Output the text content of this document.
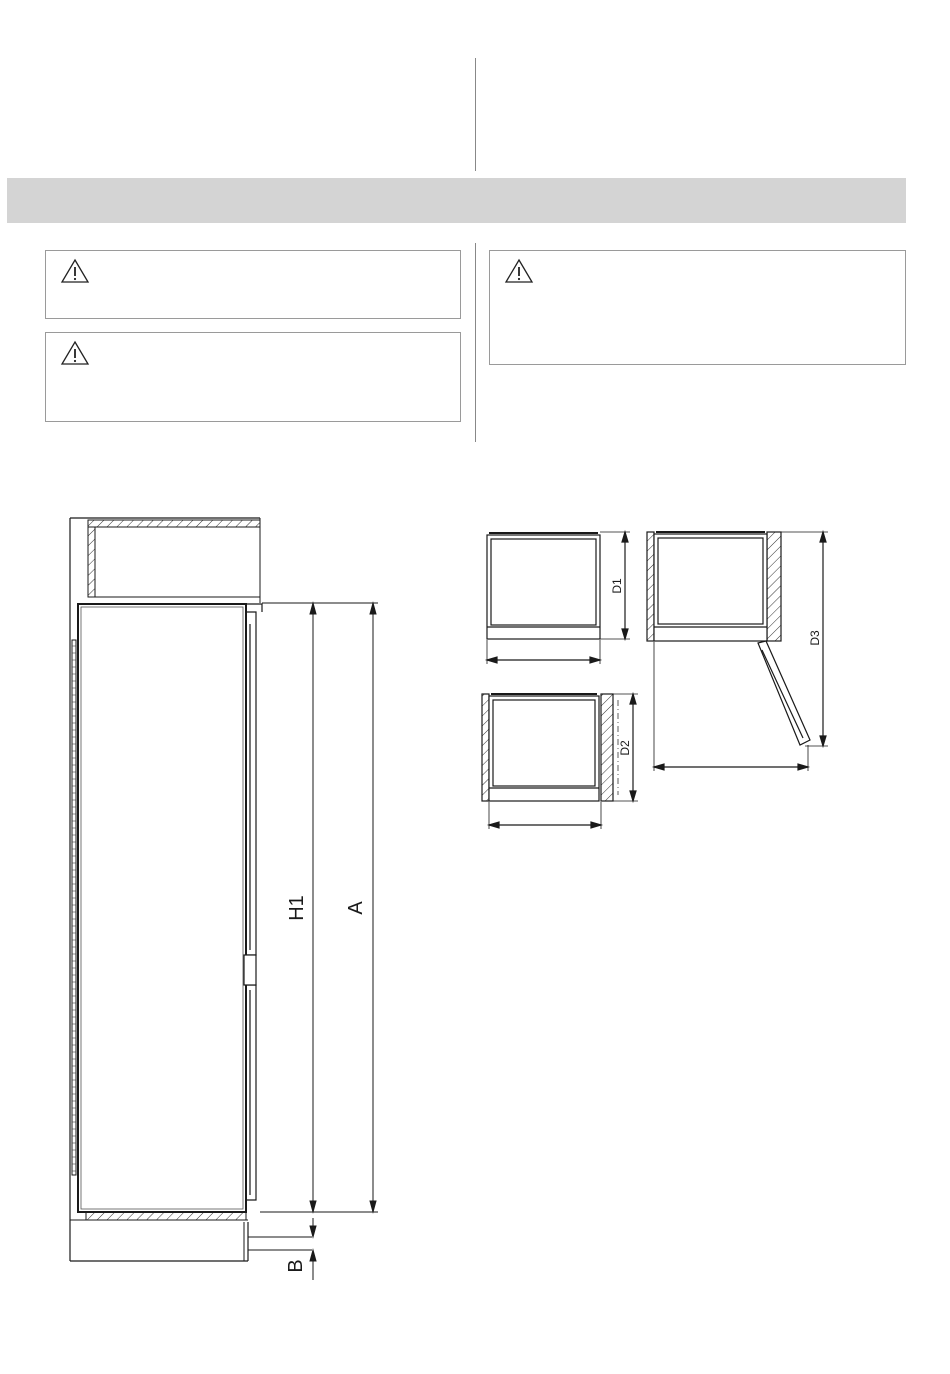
H1 A
B
D1
D2
D3
